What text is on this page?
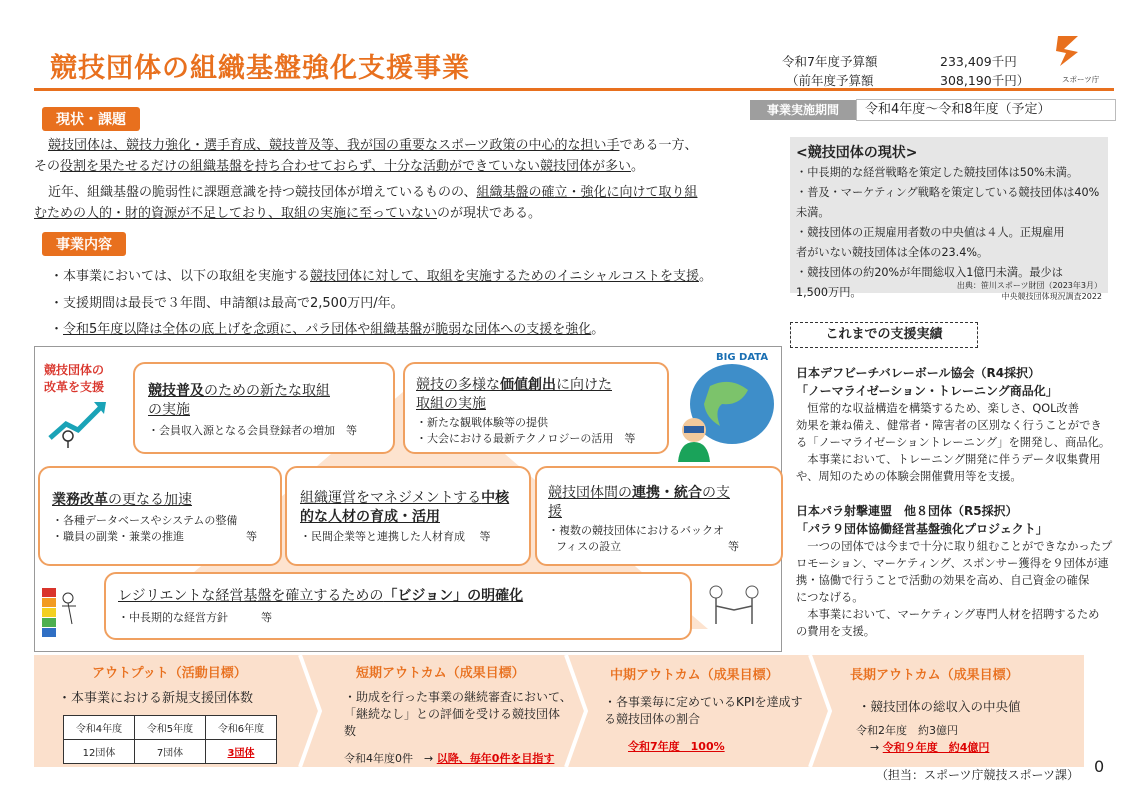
競技団体の組織基盤強化支援事業	令和7年度予算額	233,409千円
（前年度予算額	308,190千円）	スポーツ庁
事業実施期間	令和4年度～令和8年度（予定）
現状・課題
競技団体は、競技力強化・選手育成、競技普及等、我が国の重要なスポーツ政策の中心的な担い手である一方、
その役割を果たせるだけの組織基盤を持ち合わせておらず、十分な活動ができていない競技団体が多い。
近年、組織基盤の脆弱性に課題意識を持つ競技団体が増えているものの、組織基盤の確立・強化に向けて取り組
むための人的・財的資源が不足しており、取組の実施に至っていないのが現状である。
事業内容
・本事業においては、以下の取組を実施する競技団体に対して、取組を実施するためのイニシャルコストを支援。
・支援期間は最長で３年間、申請額は最高で2,500万円/年。
・令和5年度以降は全体の底上げを念頭に、パラ団体や組織基盤が脆弱な団体への支援を強化。
競技団体の
改革を支援	競技普及のための新たな取組
の実施
・会員収入源となる会員登録者の増加　等
競技の多様な価値創出に向けた
取組の実施
・新たな観戦体験等の提供
・大会における最新テクノロジーの活用　等
BIG DATA
業務改革の更なる加速
・各種データベースやシステムの整備
・職員の副業・兼業の推進	等
組織運営をマネジメントする中核
的な人材の育成・活用
・民間企業等と連携した人材育成　 等
競技団体間の連携・統合の支
援
・複数の競技団体におけるバックオ
フィスの設立	等
レジリエントな経営基盤を確立するための「ビジョン」の明確化
・中長期的な経営方針　　　等
<競技団体の現状>
・中長期的な経営戦略を策定した競技団体は50%未満。
・普及・マーケティング戦略を策定している競技団体は40%
未満。
・競技団体の正規雇用者数の中央値は４人。正規雇用
者がいない競技団体は全体の23.4%。
・競技団体の約20%が年間総収入1億円未満。最少は
1,500万円。
出典：笹川スポーツ財団（2023年3月）
中央競技団体現況調査2022
これまでの支援実績
日本デフビーチバレーボール協会（R4採択）
「ノーマライゼーション・トレーニング商品化」
　恒常的な収益構造を構築するため、楽しさ、QOL改善
効果を兼ね備え、健常者・障害者の区別なく行うことができ
る「ノーマライゼーショントレーニング」を開発し、商品化。
　本事業において、トレーニング開発に伴うデータ収集費用
や、周知のための体験会開催費用等を支援。
日本パラ射撃連盟　他８団体（R5採択）
「パラ９団体協働経営基盤強化プロジェクト」
　一つの団体では今まで十分に取り組むことができなかったプ
ロモーション、マーケティング、スポンサー獲得を９団体が連
携・協働で行うことで活動の効果を高め、自己資金の確保
につなげる。
　本事業において、マーケティング専門人材を招聘するため
の費用を支援。
アウトプット（活動目標）
・本事業における新規支援団体数
令和4年度	令和5年度	令和6年度
12団体	7団体	3団体
短期アウトカム（成果目標）
・助成を行った事業の継続審査において、
「継続なし」との評価を受ける競技団体
数
令和4年度0件　→ 以降、毎年0件を目指す
中期アウトカム（成果目標）
・各事業毎に定めているKPIを達成す
る競技団体の割合
令和7年度　100%
長期アウトカム（成果目標）
・競技団体の総収入の中央値
令和2年度　約3億円
→ 令和９年度　約4億円
（担当：スポーツ庁競技スポーツ課） 0
